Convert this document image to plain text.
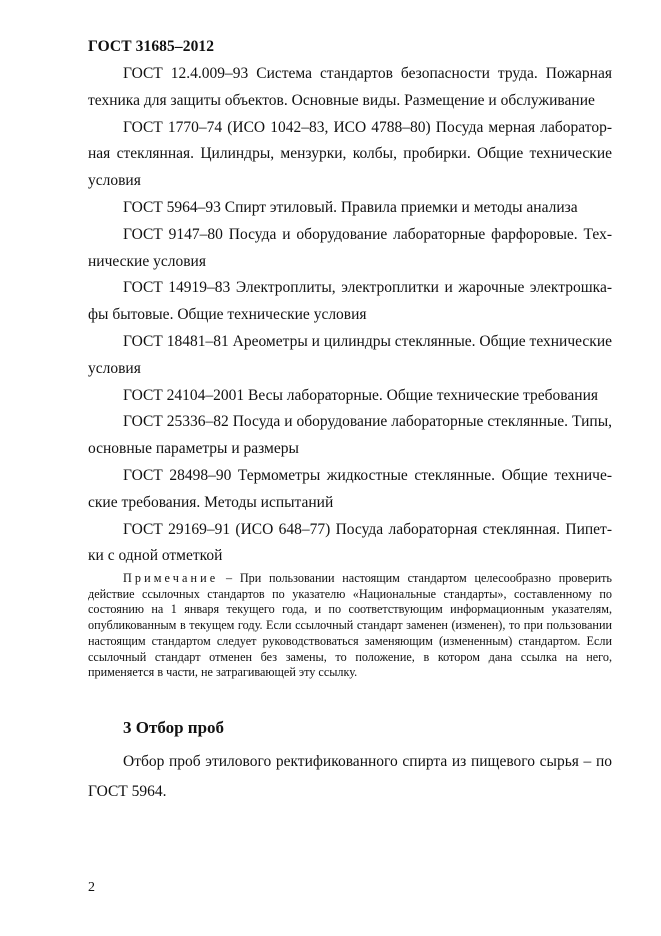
ГОСТ 31685–2012

ГОСТ 12.4.009–93 Система стандартов безопасности труда. Пожарная техника для защиты объектов. Основные виды. Размещение и обслуживание

ГОСТ 1770–74 (ИСО 1042–83, ИСО 4788–80) Посуда мерная лабораторная стеклянная. Цилиндры, мензурки, колбы, пробирки. Общие технические условия

ГОСТ 5964–93 Спирт этиловый. Правила приемки и методы анализа

ГОСТ 9147–80 Посуда и оборудование лабораторные фарфоровые. Технические условия

ГОСТ 14919–83 Электроплиты, электроплитки и жарочные электрошкафы бытовые. Общие технические условия

ГОСТ 18481–81 Ареометры и цилиндры стеклянные. Общие технические условия

ГОСТ 24104–2001 Весы лабораторные. Общие технические требования

ГОСТ 25336–82 Посуда и оборудование лабораторные стеклянные. Типы, основные параметры и размеры

ГОСТ 28498–90 Термометры жидкостные стеклянные. Общие технические требования. Методы испытаний

ГОСТ 29169–91 (ИСО 648–77) Посуда лабораторная стеклянная. Пипетки с одной отметкой

Примечание – При пользовании настоящим стандартом целесообразно проверить действие ссылочных стандартов по указателю «Национальные стандарты», составленному по состоянию на 1 января текущего года, и по соответствующим информационным указателям, опубликованным в текущем году. Если ссылочный стандарт заменен (изменен), то при пользовании настоящим стандартом следует руководствоваться заменяющим (измененным) стандартом. Если ссылочный стандарт отменен без замены, то положение, в котором дана ссылка на него, применяется в части, не затрагивающей эту ссылку.

3 Отбор проб

Отбор проб этилового ректификованного спирта из пищевого сырья – по ГОСТ 5964.

2
